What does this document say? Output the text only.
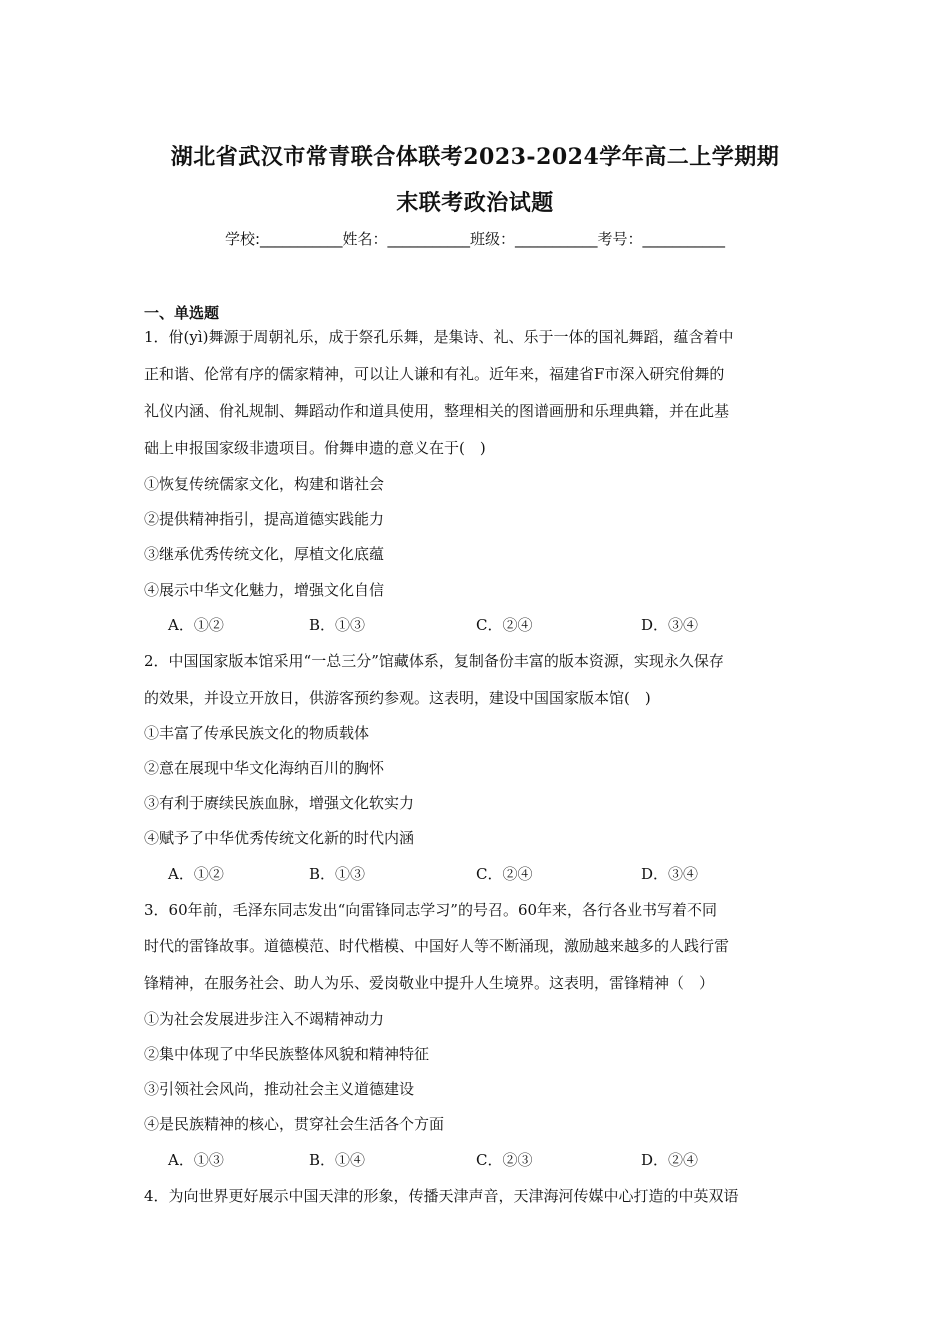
湖北省武汉市常青联合体联考2023-2024学年高二上学期期
末联考政治试题
学校:___________姓名：___________班级：___________考号：___________
一、单选题
1．佾(yì)舞源于周朝礼乐，成于祭孔乐舞，是集诗、礼、乐于一体的国礼舞蹈，蕴含着中
正和谐、伦常有序的儒家精神，可以让人谦和有礼。近年来，福建省F市深入研究佾舞的
礼仪内涵、佾礼规制、舞蹈动作和道具使用，整理相关的图谱画册和乐理典籍，并在此基
础上申报国家级非遗项目。佾舞申遗的意义在于(　)
①恢复传统儒家文化，构建和谐社会
②提供精神指引，提高道德实践能力
③继承优秀传统文化，厚植文化底蕴
④展示中华文化魅力，增强文化自信
A．①②	B．①③	C．②④	D．③④
2．中国国家版本馆采用“一总三分”馆藏体系，复制备份丰富的版本资源，实现永久保存
的效果，并设立开放日，供游客预约参观。这表明，建设中国国家版本馆(　)
①丰富了传承民族文化的物质载体
②意在展现中华文化海纳百川的胸怀
③有利于赓续民族血脉，增强文化软实力
④赋予了中华优秀传统文化新的时代内涵
A．①②	B．①③	C．②④	D．③④
3．60年前，毛泽东同志发出“向雷锋同志学习”的号召。60年来，各行各业书写着不同
时代的雷锋故事。道德模范、时代楷模、中国好人等不断涌现，激励越来越多的人践行雷
锋精神，在服务社会、助人为乐、爱岗敬业中提升人生境界。这表明，雷锋精神（　）
①为社会发展进步注入不竭精神动力
②集中体现了中华民族整体风貌和精神特征
③引领社会风尚，推动社会主义道德建设
④是民族精神的核心，贯穿社会生活各个方面
A．①③	B．①④	C．②③	D．②④
4．为向世界更好展示中国天津的形象，传播天津声音，天津海河传媒中心打造的中英双语
